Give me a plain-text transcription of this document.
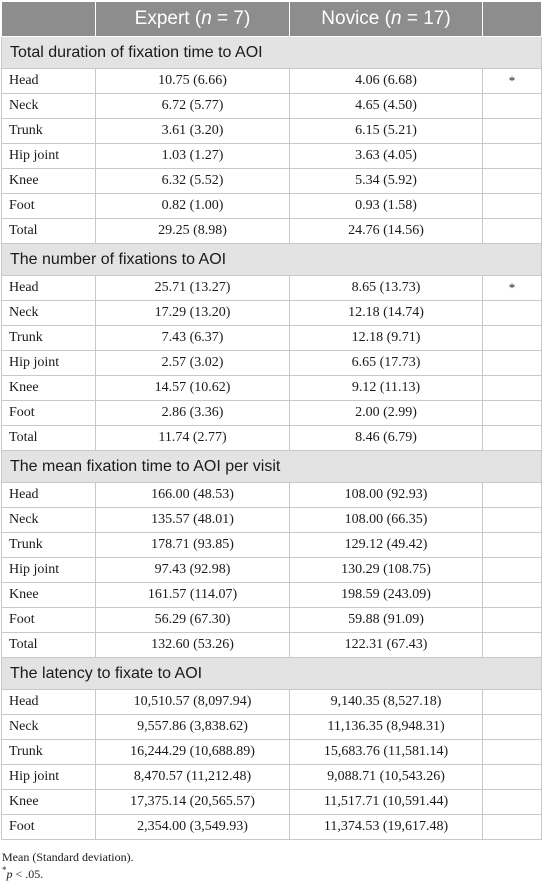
	Expert (n = 7)	Novice (n = 17)	
Total duration of fixation time to AOI			
Head	10.75 (6.66)	4.06 (6.68)	*
Neck	6.72 (5.77)	4.65 (4.50)	
Trunk	3.61 (3.20)	6.15 (5.21)	
Hip joint	1.03 (1.27)	3.63 (4.05)	
Knee	6.32 (5.52)	5.34 (5.92)	
Foot	0.82 (1.00)	0.93 (1.58)	
Total	29.25 (8.98)	24.76 (14.56)	
The number of fixations to AOI			
Head	25.71 (13.27)	8.65 (13.73)	*
Neck	17.29 (13.20)	12.18 (14.74)	
Trunk	7.43 (6.37)	12.18 (9.71)	
Hip joint	2.57 (3.02)	6.65 (17.73)	
Knee	14.57 (10.62)	9.12 (11.13)	
Foot	2.86 (3.36)	2.00 (2.99)	
Total	11.74 (2.77)	8.46 (6.79)	
The mean fixation time to AOI per visit			
Head	166.00 (48.53)	108.00 (92.93)	
Neck	135.57 (48.01)	108.00 (66.35)	
Trunk	178.71 (93.85)	129.12 (49.42)	
Hip joint	97.43 (92.98)	130.29 (108.75)	
Knee	161.57 (114.07)	198.59 (243.09)	
Foot	56.29 (67.30)	59.88 (91.09)	
Total	132.60 (53.26)	122.31 (67.43)	
The latency to fixate to AOI			
Head	10,510.57 (8,097.94)	9,140.35 (8,527.18)	
Neck	9,557.86 (3,838.62)	11,136.35 (8,948.31)	
Trunk	16,244.29 (10,688.89)	15,683.76 (11,581.14)	
Hip joint	8,470.57 (11,212.48)	9,088.71 (10,543.26)	
Knee	17,375.14 (20,565.57)	11,517.71 (10,591.44)	
Foot	2,354.00 (3,549.93)	11,374.53 (19,617.48)	
Mean (Standard deviation).
*p < .05.
